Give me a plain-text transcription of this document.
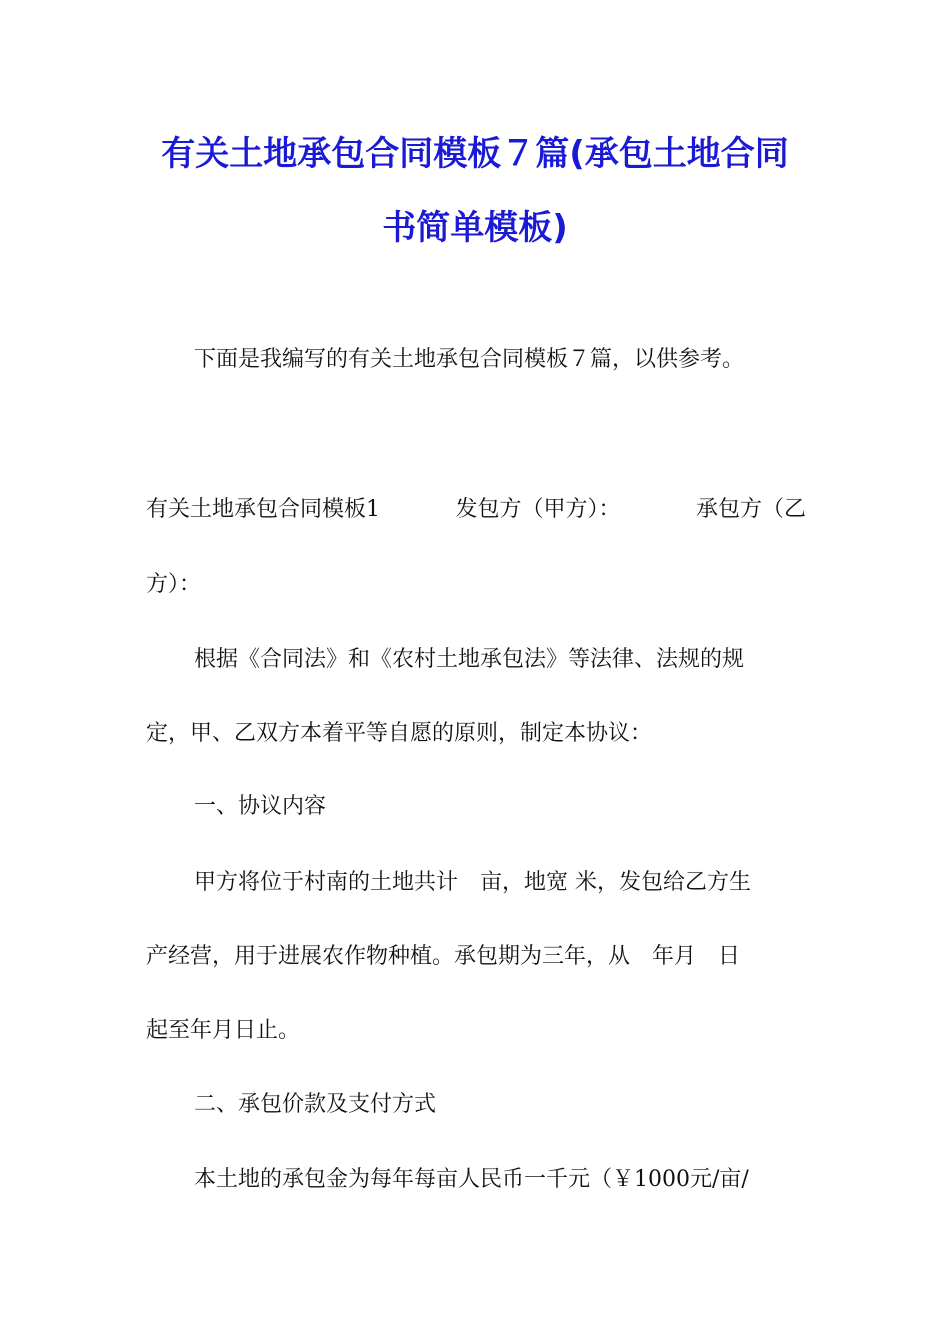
有关土地承包合同模板７篇(承包土地合同
书简单模板)
下面是我编写的有关土地承包合同模板７篇，以供参考。
有关土地承包合同模板1	发包方（甲方）：	承包方（乙
方）：
根据《合同法》和《农村土地承包法》等法律、法规的规
定，甲、乙双方本着平等自愿的原则，制定本协议：
一、协议内容
甲方将位于村南的土地共计　亩，地宽 米，发包给乙方生
产经营，用于进展农作物种植。承包期为三年，从　年月　日
起至年月日止。
二、承包价款及支付方式
本土地的承包金为每年每亩人民币一千元（￥1000元/亩/
